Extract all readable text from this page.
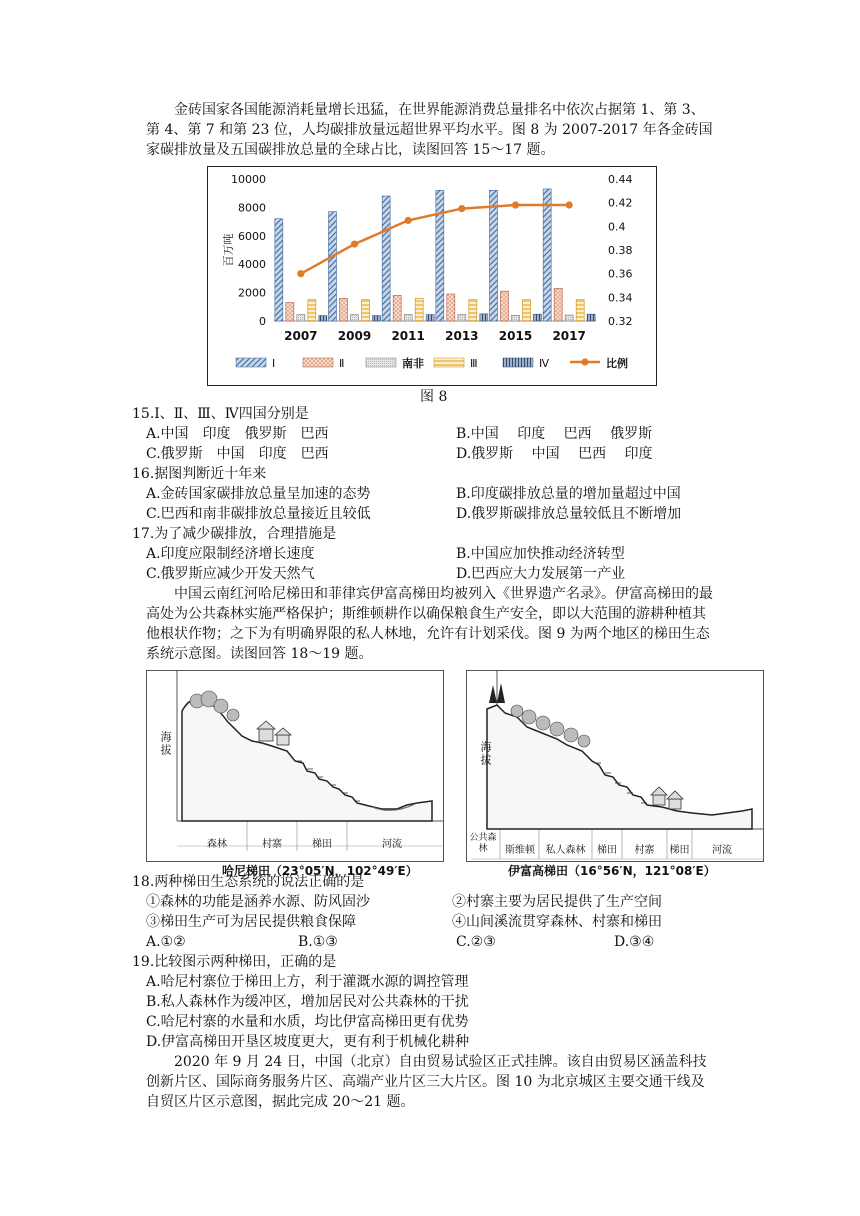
金砖国家各国能源消耗量增长迅猛，在世界能源消费总量排名中依次占据第 1、第 3、第 4、第 7 和第 23 位，人均碳排放量远超世界平均水平。图 8 为 2007-2017 年各金砖国家碳排放量及五国碳排放总量的全球占比，读图回答 15～17 题。
0
2000
4000
6000
8000
10000
0.32
0.34
0.36
0.38
0.4
0.42
0.44
百万吨
2007 2009 2011 2013 2015 2017
Ⅰ	Ⅱ	南非	Ⅲ	Ⅳ	比例
图 8
15.Ⅰ、Ⅱ、Ⅲ、Ⅳ四国分别是
A.中国　印度　俄罗斯　巴西	B.中国　 印度　 巴西　 俄罗斯
C.俄罗斯　中国　印度　巴西	D.俄罗斯　 中国　 巴西　 印度
16.据图判断近十年来
A.金砖国家碳排放总量呈加速的态势	B.印度碳排放总量的增加量超过中国
C.巴西和南非碳排放总量接近且较低	D.俄罗斯碳排放总量较低且不断增加
17.为了减少碳排放，合理措施是
A.印度应限制经济增长速度	B.中国应加快推动经济转型
C.俄罗斯应减少开发天然气	D.巴西应大力发展第一产业
中国云南红河哈尼梯田和菲律宾伊富高梯田均被列入《世界遗产名录》。伊富高梯田的最高处为公共森林实施严格保护；斯维顿耕作以确保粮食生产安全，即以大范围的游耕种植其他根状作物；之下为有明确界限的私人林地，允许有计划采伐。图 9 为两个地区的梯田生态系统示意图。读图回答 18～19 题。
海拔
森林	村寨	梯田	河流
哈尼梯田（23°05′N，102°49′E）
海拔
公共森林	斯维顿	私人森林	梯田	村寨	梯田	河流
伊富高梯田（16°56′N，121°08′E）
18.两种梯田生态系统的说法正确的是
①森林的功能是涵养水源、防风固沙	②村寨主要为居民提供了生产空间
③梯田生产可为居民提供粮食保障	④山间溪流贯穿森林、村寨和梯田
A.①②	B.①③	C.②③	D.③④
19.比较图示两种梯田，正确的是
A.哈尼村寨位于梯田上方，利于灌溉水源的调控管理
B.私人森林作为缓冲区，增加居民对公共森林的干扰
C.哈尼村寨的水量和水质，均比伊富高梯田更有优势
D.伊富高梯田开垦区坡度更大，更有利于机械化耕种
2020 年 9 月 24 日，中国（北京）自由贸易试验区正式挂牌。该自由贸易区涵盖科技创新片区、国际商务服务片区、高端产业片区三大片区。图 10 为北京城区主要交通干线及自贸区片区示意图，据此完成 20～21 题。
